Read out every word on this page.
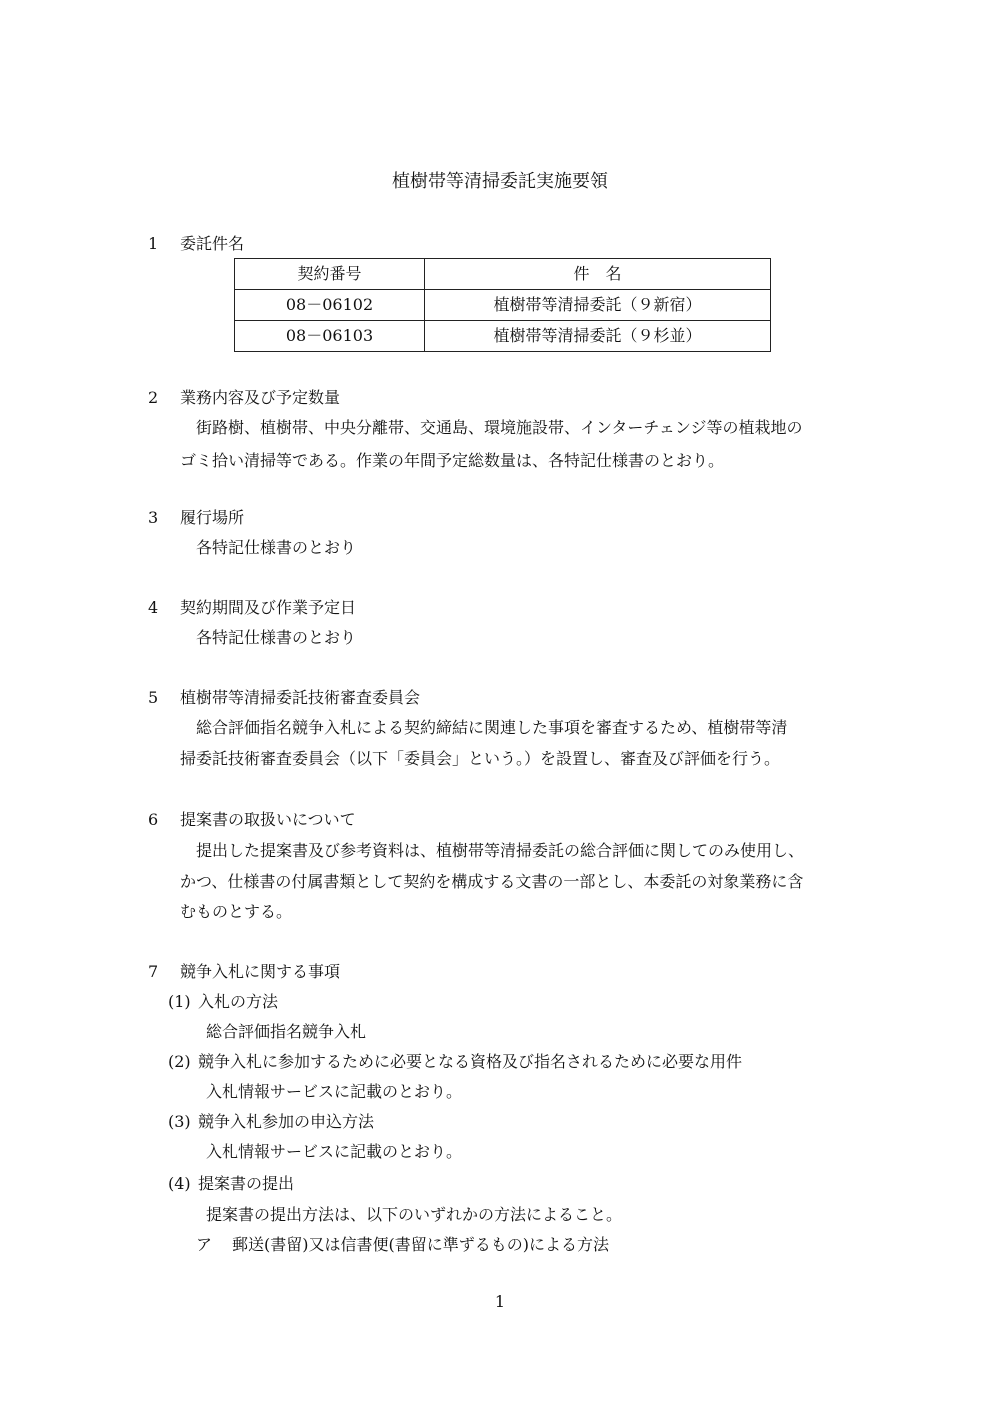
植樹帯等清掃委託実施要領
1 委託件名
契約番号	件　名
08－06102	植樹帯等清掃委託（９新宿）
08－06103	植樹帯等清掃委託（９杉並）
2 業務内容及び予定数量
街路樹、植樹帯、中央分離帯、交通島、環境施設帯、インターチェンジ等の植栽地の
ゴミ拾い清掃等である。作業の年間予定総数量は、各特記仕様書のとおり。
3 履行場所
各特記仕様書のとおり
4 契約期間及び作業予定日
各特記仕様書のとおり
5 植樹帯等清掃委託技術審査委員会
総合評価指名競争入札による契約締結に関連した事項を審査するため、植樹帯等清
掃委託技術審査委員会（以下「委員会」という。）を設置し、審査及び評価を行う。
6 提案書の取扱いについて
提出した提案書及び参考資料は、植樹帯等清掃委託の総合評価に関してのみ使用し、
かつ、仕様書の付属書類として契約を構成する文書の一部とし、本委託の対象業務に含
むものとする。
7 競争入札に関する事項
(1) 入札の方法
総合評価指名競争入札
(2) 競争入札に参加するために必要となる資格及び指名されるために必要な用件
入札情報サービスに記載のとおり。
(3) 競争入札参加の申込方法
入札情報サービスに記載のとおり。
(4) 提案書の提出
提案書の提出方法は、以下のいずれかの方法によること。
ア 郵送(書留)又は信書便(書留に準ずるもの)による方法
1
